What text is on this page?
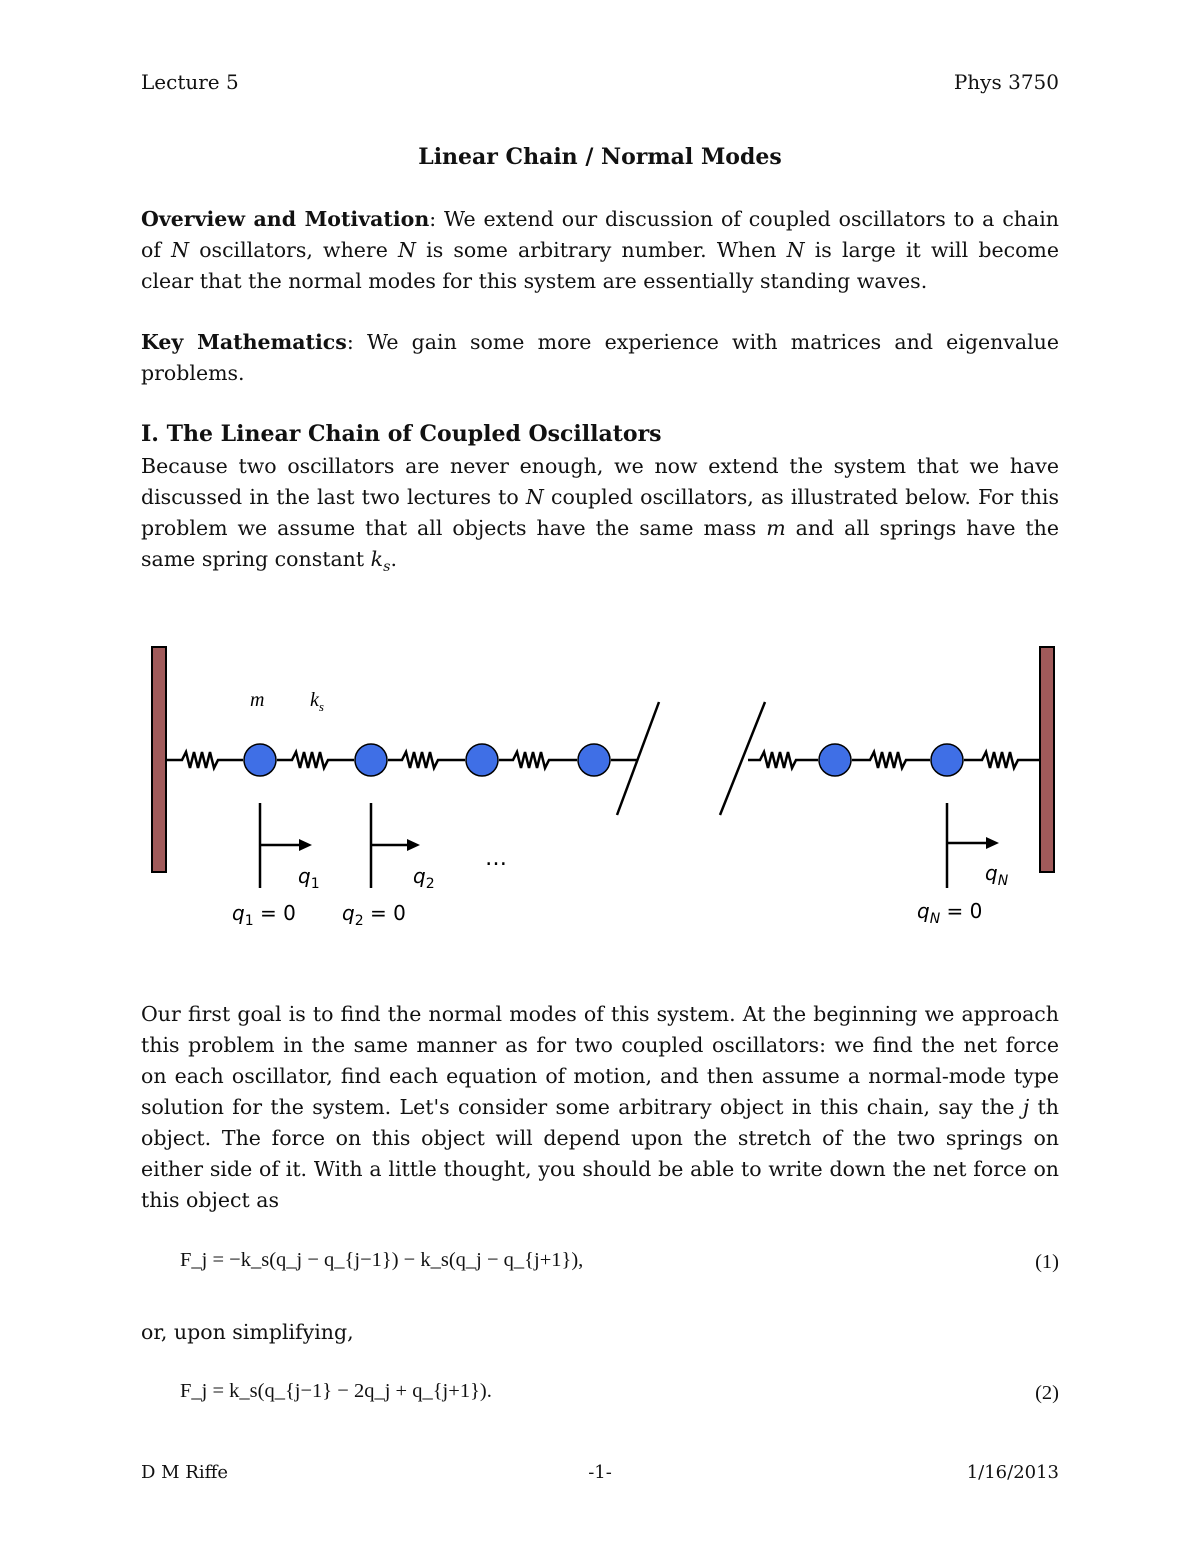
Lecture 5	Phys 3750
Linear Chain / Normal Modes
Overview and Motivation: We extend our discussion of coupled oscillators to a chain of N oscillators, where N is some arbitrary number. When N is large it will become clear that the normal modes for this system are essentially standing waves.
Key Mathematics: We gain some more experience with matrices and eigenvalue problems.
I. The Linear Chain of Coupled Oscillators
Because two oscillators are never enough, we now extend the system that we have discussed in the last two lectures to N coupled oscillators, as illustrated below. For this problem we assume that all objects have the same mass m and all springs have the same spring constant $k_s$.
m $k_s$
…
$q_1$	$q_2$	$q_N$
$q_1 = 0$ $q_2 = 0$	$q_N = 0$
Our first goal is to find the normal modes of this system. At the beginning we approach this problem in the same manner as for two coupled oscillators: we find the net force on each oscillator, find each equation of motion, and then assume a normal-mode type solution for the system. Let's consider some arbitrary object in this chain, say the j th object. The force on this object will depend upon the stretch of the two springs on either side of it. With a little thought, you should be able to write down the net force on this object as
F_j = −k_s(q_j − q_{j−1}) − k_s(q_j − q_{j+1}),	(1)
or, upon simplifying,
F_j = k_s(q_{j−1} − 2q_j + q_{j+1}).	(2)
D M Riffe	-1-	1/16/2013
